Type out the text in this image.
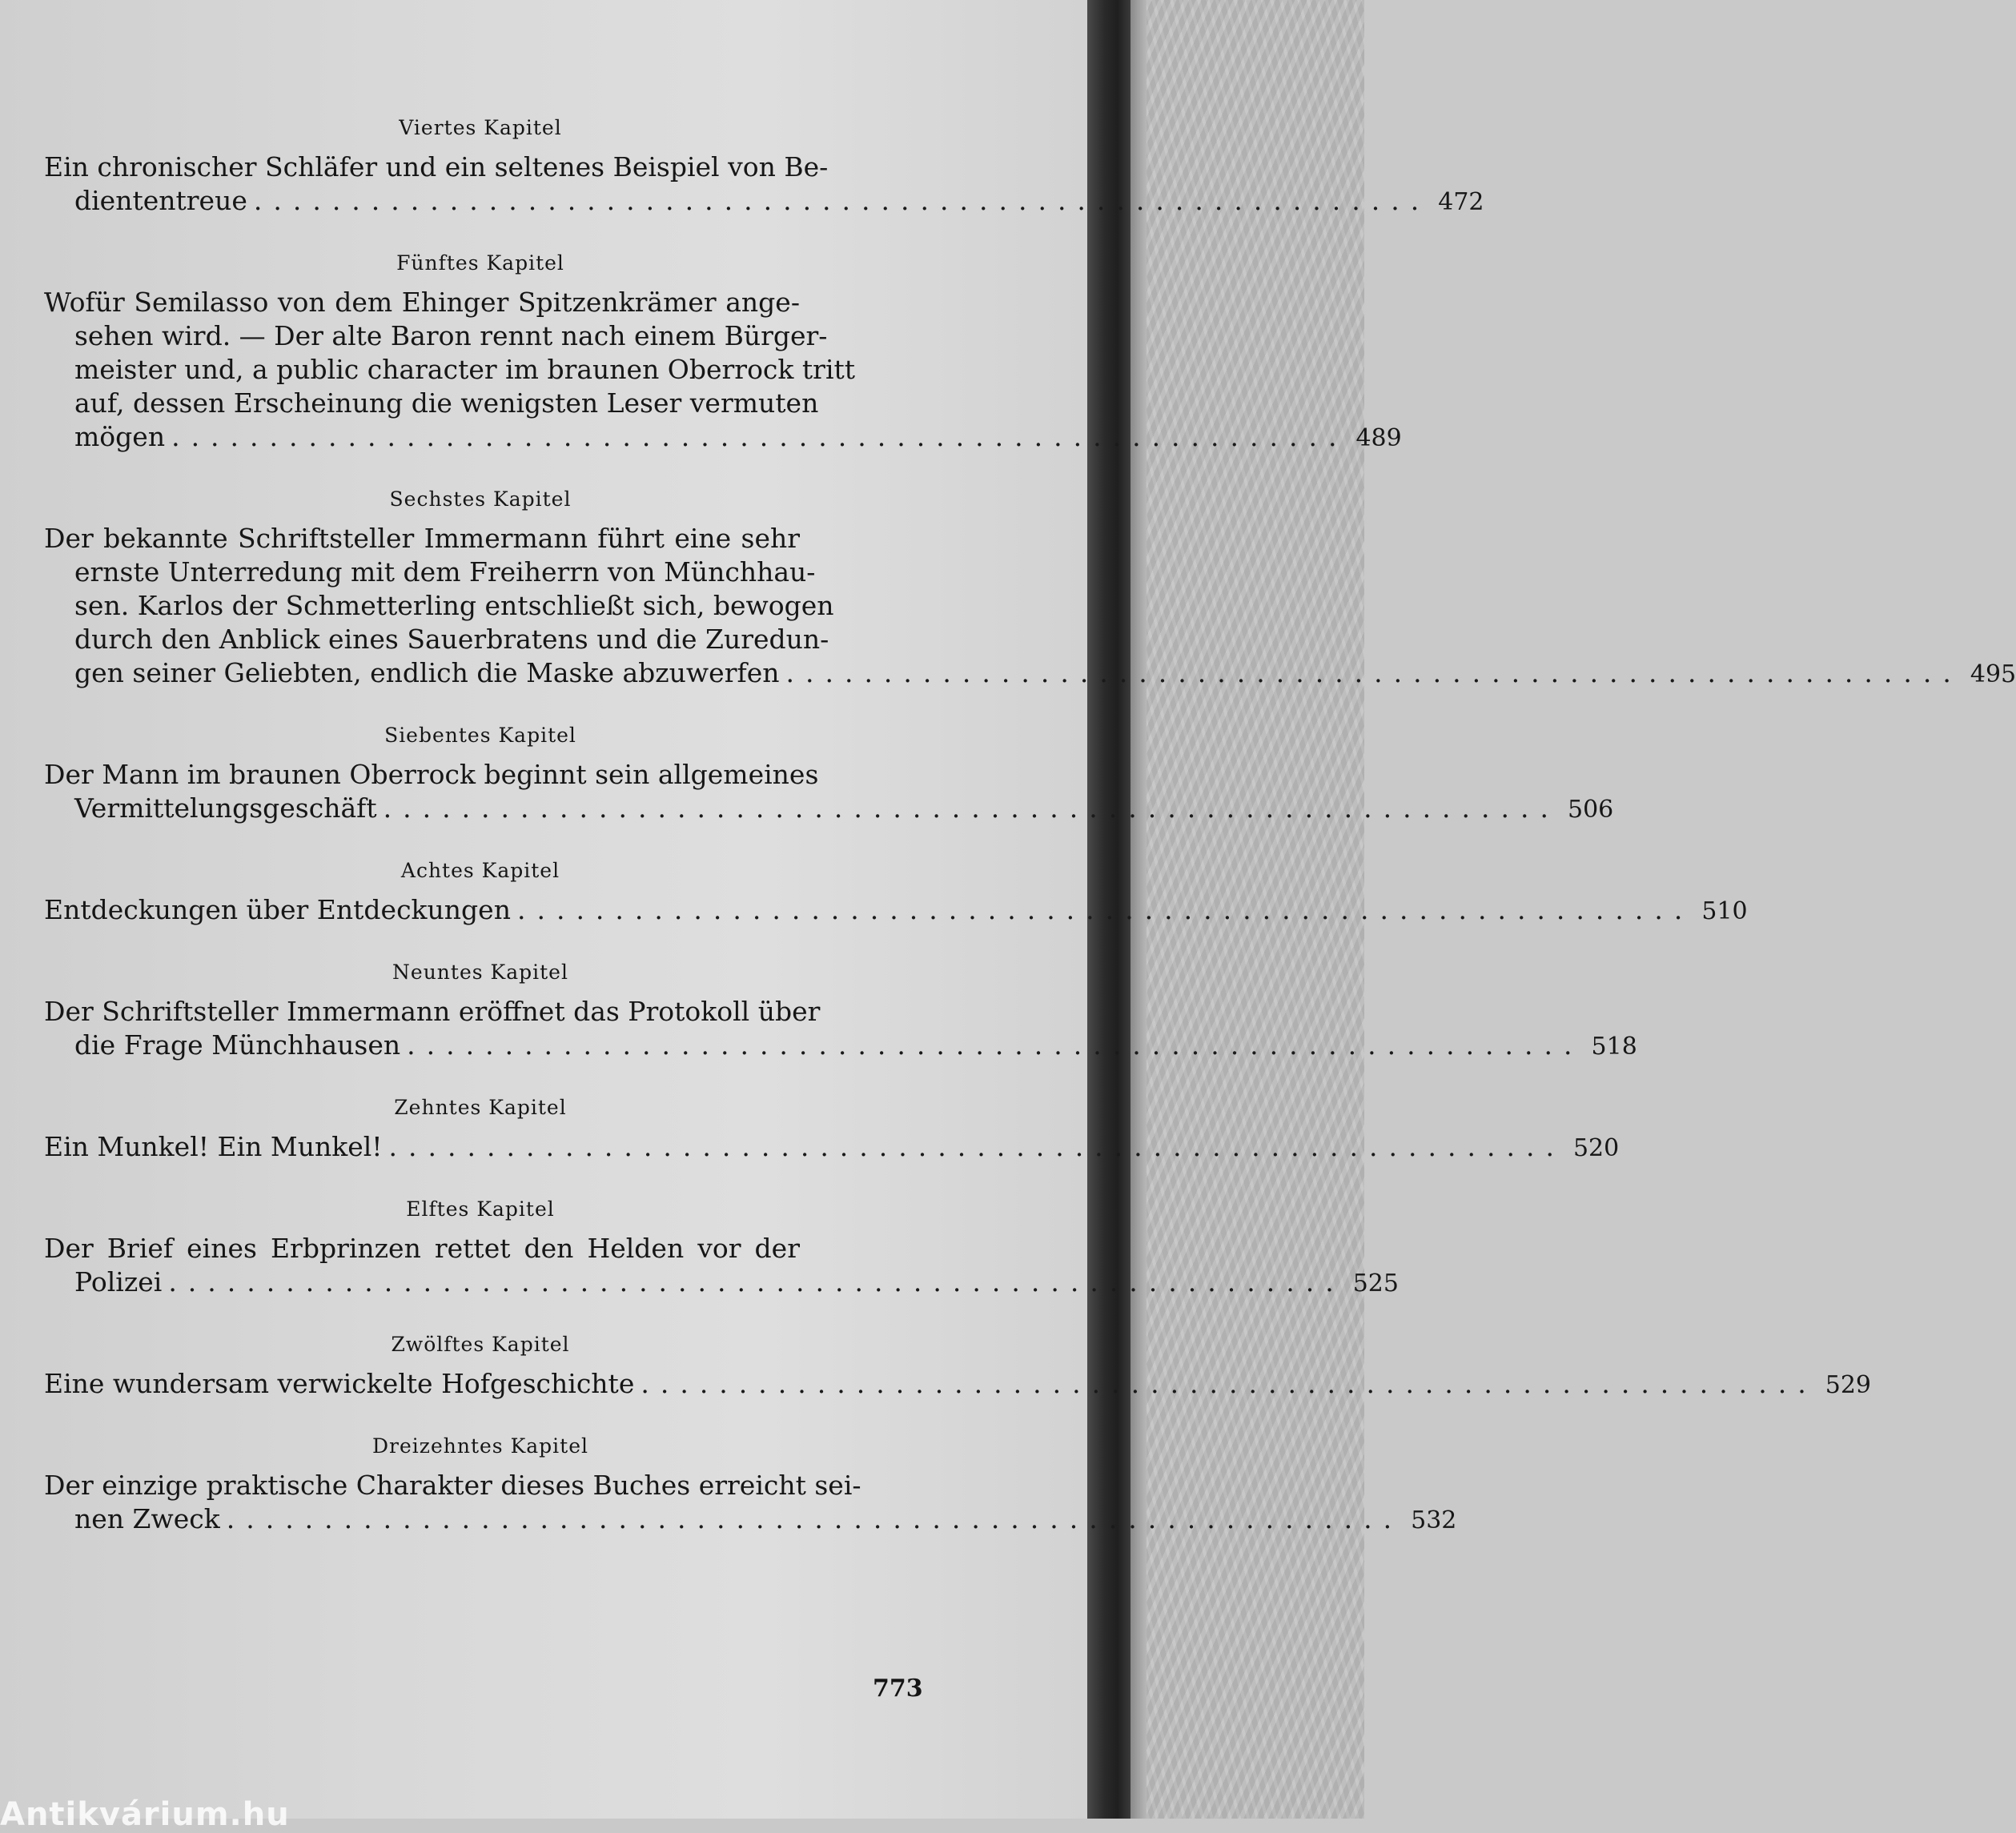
Viertes Kapitel
Ein chronischer Schläfer und ein seltenes Beispiel von Be-
diententreue ............................................................ 472
Fünftes Kapitel
Wofür Semilasso von dem Ehinger Spitzenkrämer ange-
sehen wird. — Der alte Baron rennt nach einem Bürger-
meister und, a public character im braunen Oberrock tritt
auf, dessen Erscheinung die wenigsten Leser vermuten
mögen ............................................................ 489
Sechstes Kapitel
Der bekannte Schriftsteller Immermann führt eine sehr
ernste Unterredung mit dem Freiherrn von Münchhau-
sen. Karlos der Schmetterling entschließt sich, bewogen
durch den Anblick eines Sauerbratens und die Zuredun-
gen seiner Geliebten, endlich die Maske abzuwerfen ............................................................ 495
Siebentes Kapitel
Der Mann im braunen Oberrock beginnt sein allgemeines
Vermittelungsgeschäft ............................................................ 506
Achtes Kapitel
Entdeckungen über Entdeckungen ............................................................ 510
Neuntes Kapitel
Der Schriftsteller Immermann eröffnet das Protokoll über
die Frage Münchhausen ............................................................ 518
Zehntes Kapitel
Ein Munkel! Ein Munkel! ............................................................ 520
Elftes Kapitel
Der Brief eines Erbprinzen rettet den Helden vor der
Polizei ............................................................ 525
Zwölftes Kapitel
Eine wundersam verwickelte Hofgeschichte ............................................................ 529
Dreizehntes Kapitel
Der einzige praktische Charakter dieses Buches erreicht sei-
nen Zweck ............................................................ 532
773
Antikvárium.hu
